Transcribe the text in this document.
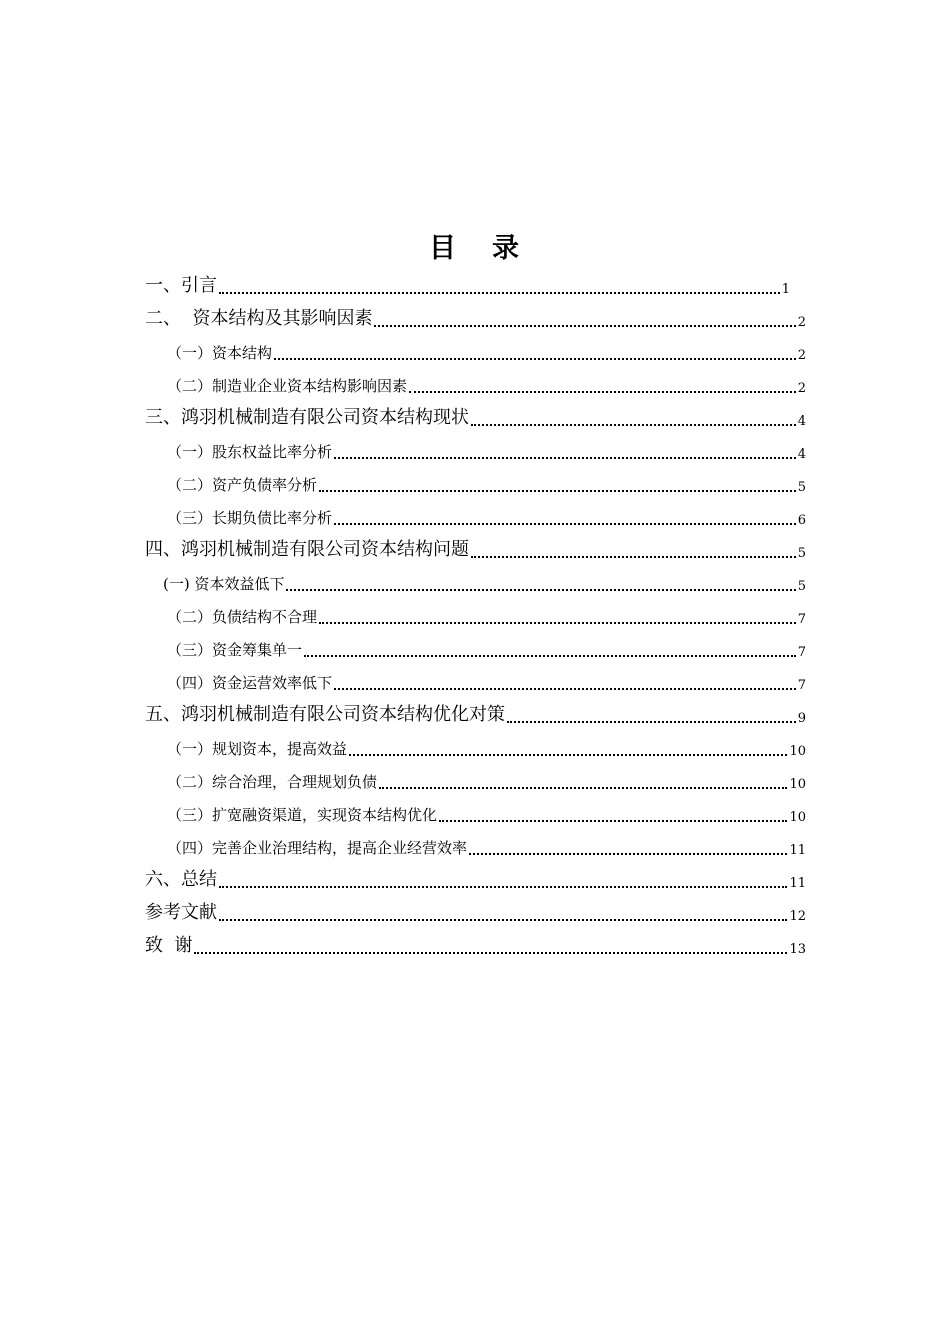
目 录
一、引言	1
二、  资本结构及其影响因素	2
（一）资本结构	2
（二）制造业企业资本结构影响因素	2
三、鸿羽机械制造有限公司资本结构现状	4
（一）股东权益比率分析	4
（二）资产负债率分析	5
（三）长期负债比率分析	6
四、鸿羽机械制造有限公司资本结构问题	5
(一) 资本效益低下	5
（二）负债结构不合理	7
（三）资金筹集单一	7
（四）资金运营效率低下	7
五、鸿羽机械制造有限公司资本结构优化对策	9
（一）规划资本，提高效益	10
（二）综合治理，合理规划负债	10
（三）扩宽融资渠道，实现资本结构优化	10
（四）完善企业治理结构，提高企业经营效率	11
六、总结	11
参考文献	12
致  谢	13
